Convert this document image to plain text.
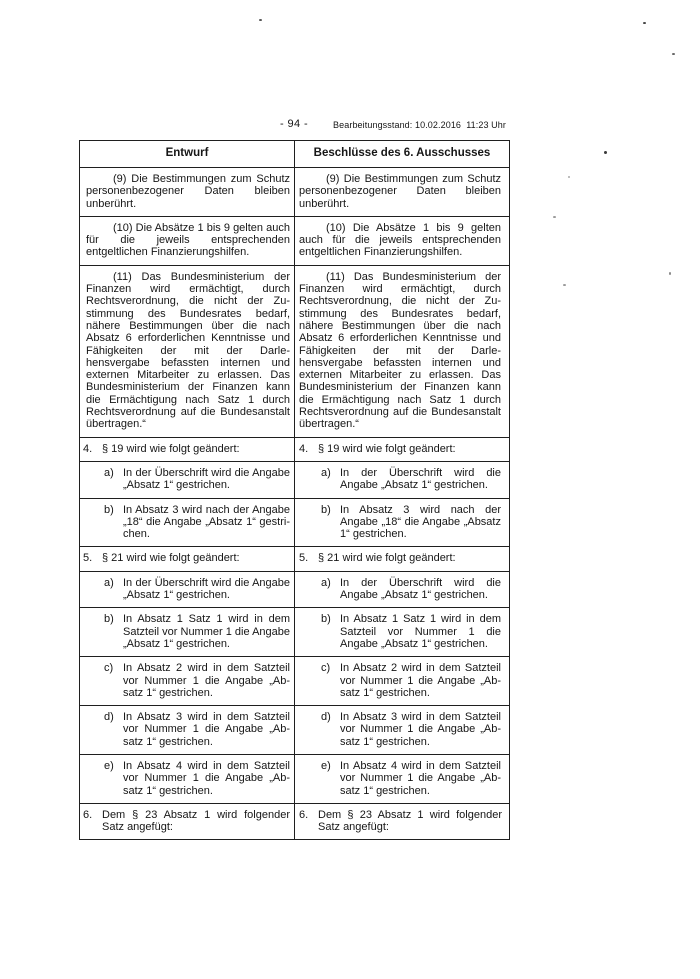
- 94 -	Bearbeitungsstand: 10.02.2016  11:23 Uhr
Entwurf	Beschlüsse des 6. Ausschusses

(9) Die Bestimmungen zum Schutz personenbezogener Daten bleiben unberührt.	(9) Die Bestimmungen zum Schutz personenbezogener Daten bleiben unberührt.

(10) Die Absätze 1 bis 9 gelten auch für die jeweils entsprechenden entgeltlichen Finanzierungshilfen.	(10) Die Absätze 1 bis 9 gelten auch für die jeweils entsprechenden entgeltlichen Finanzierungshilfen.

(11) Das Bundesministerium der Finanzen wird ermächtigt, durch Rechtsverordnung, die nicht der Zustimmung des Bundesrates bedarf, nähere Bestimmungen über die nach Absatz 6 erforderlichen Kenntnisse und Fähigkeiten der mit der Darlehensvergabe befassten internen und externen Mitarbeiter zu erlassen. Das Bundesministerium der Finanzen kann die Ermächtigung nach Satz 1 durch Rechtsverordnung auf die Bundesanstalt übertragen.“

(11) Das Bundesministerium der Finanzen wird ermächtigt, durch Rechtsverordnung, die nicht der Zustimmung des Bundesrates bedarf, nähere Bestimmungen über die nach Absatz 6 erforderlichen Kenntnisse und Fähigkeiten der mit der Darlehensvergabe befassten internen und externen Mitarbeiter zu erlassen. Das Bundesministerium der Finanzen kann die Ermächtigung nach Satz 1 durch Rechtsverordnung auf die Bundesanstalt übertragen.“

4. § 19 wird wie folgt geändert:	4. § 19 wird wie folgt geändert:

a) In der Überschrift wird die Angabe „Absatz 1“ gestrichen.	a) In der Überschrift wird die Angabe „Absatz 1“ gestrichen.

b) In Absatz 3 wird nach der Angabe „18“ die Angabe „Absatz 1“ gestrichen.	b) In Absatz 3 wird nach der Angabe „18“ die Angabe „Absatz 1“ gestrichen.

5. § 21 wird wie folgt geändert:	5. § 21 wird wie folgt geändert:

a) In der Überschrift wird die Angabe „Absatz 1“ gestrichen.	a) In der Überschrift wird die Angabe „Absatz 1“ gestrichen.

b) In Absatz 1 Satz 1 wird in dem Satzteil vor Nummer 1 die Angabe „Absatz 1“ gestrichen.	b) In Absatz 1 Satz 1 wird in dem Satzteil vor Nummer 1 die Angabe „Absatz 1“ gestrichen.

c) In Absatz 2 wird in dem Satzteil vor Nummer 1 die Angabe „Absatz 1“ gestrichen.	c) In Absatz 2 wird in dem Satzteil vor Nummer 1 die Angabe „Absatz 1“ gestrichen.

d) In Absatz 3 wird in dem Satzteil vor Nummer 1 die Angabe „Absatz 1“ gestrichen.	d) In Absatz 3 wird in dem Satzteil vor Nummer 1 die Angabe „Absatz 1“ gestrichen.

e) In Absatz 4 wird in dem Satzteil vor Nummer 1 die Angabe „Absatz 1“ gestrichen.	e) In Absatz 4 wird in dem Satzteil vor Nummer 1 die Angabe „Absatz 1“ gestrichen.

6. Dem § 23 Absatz 1 wird folgender Satz angefügt:	6. Dem § 23 Absatz 1 wird folgender Satz angefügt:
